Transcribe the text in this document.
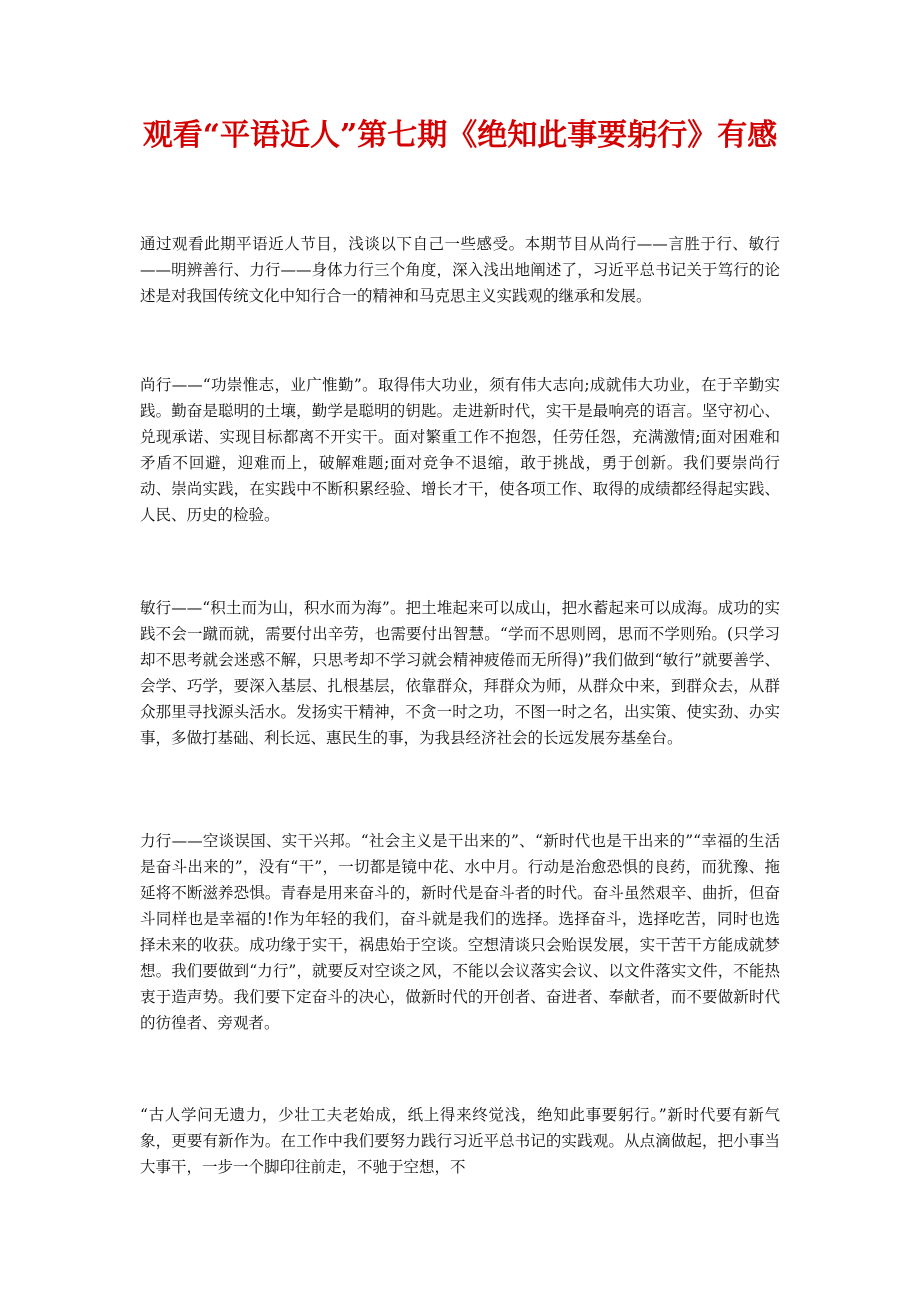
观看“平语近人”第七期《绝知此事要躬行》有感

通过观看此期平语近人节目，浅谈以下自己一些感受。本期节目从尚行——言胜于行、敏行——明辨善行、力行——身体力行三个角度，深入浅出地阐述了，习近平总书记关于笃行的论述是对我国传统文化中知行合一的精神和马克思主义实践观的继承和发展。

尚行——“功崇惟志，业广惟勤”。取得伟大功业，须有伟大志向;成就伟大功业，在于辛勤实践。勤奋是聪明的土壤，勤学是聪明的钥匙。走进新时代，实干是最响亮的语言。坚守初心、兑现承诺、实现目标都离不开实干。面对繁重工作不抱怨，任劳任怨，充满激情;面对困难和矛盾不回避，迎难而上，破解难题;面对竞争不退缩，敢于挑战，勇于创新。我们要崇尚行动、崇尚实践，在实践中不断积累经验、增长才干，使各项工作、取得的成绩都经得起实践、人民、历史的检验。

敏行——“积土而为山，积水而为海”。把土堆起来可以成山，把水蓄起来可以成海。成功的实践不会一蹴而就，需要付出辛劳，也需要付出智慧。“学而不思则罔，思而不学则殆。(只学习却不思考就会迷惑不解，只思考却不学习就会精神疲倦而无所得)”我们做到“敏行”就要善学、会学、巧学，要深入基层、扎根基层，依靠群众，拜群众为师，从群众中来，到群众去，从群众那里寻找源头活水。发扬实干精神，不贪一时之功，不图一时之名，出实策、使实劲、办实事，多做打基础、利长远、惠民生的事，为我县经济社会的长远发展夯基垒台。

力行——空谈误国、实干兴邦。“社会主义是干出来的”、“新时代也是干出来的”“幸福的生活是奋斗出来的”，没有“干”，一切都是镜中花、水中月。行动是治愈恐惧的良药，而犹豫、拖延将不断滋养恐惧。青春是用来奋斗的，新时代是奋斗者的时代。奋斗虽然艰辛、曲折，但奋斗同样也是幸福的!作为年轻的我们，奋斗就是我们的选择。选择奋斗，选择吃苦，同时也选择未来的收获。成功缘于实干，祸患始于空谈。空想清谈只会贻误发展，实干苦干方能成就梦想。我们要做到“力行”，就要反对空谈之风，不能以会议落实会议、以文件落实文件，不能热衷于造声势。我们要下定奋斗的决心，做新时代的开创者、奋进者、奉献者，而不要做新时代的彷徨者、旁观者。

“古人学问无遗力，少壮工夫老始成，纸上得来终觉浅，绝知此事要躬行。”新时代要有新气象，更要有新作为。在工作中我们要努力践行习近平总书记的实践观。从点滴做起，把小事当大事干，一步一个脚印往前走，不驰于空想，不
